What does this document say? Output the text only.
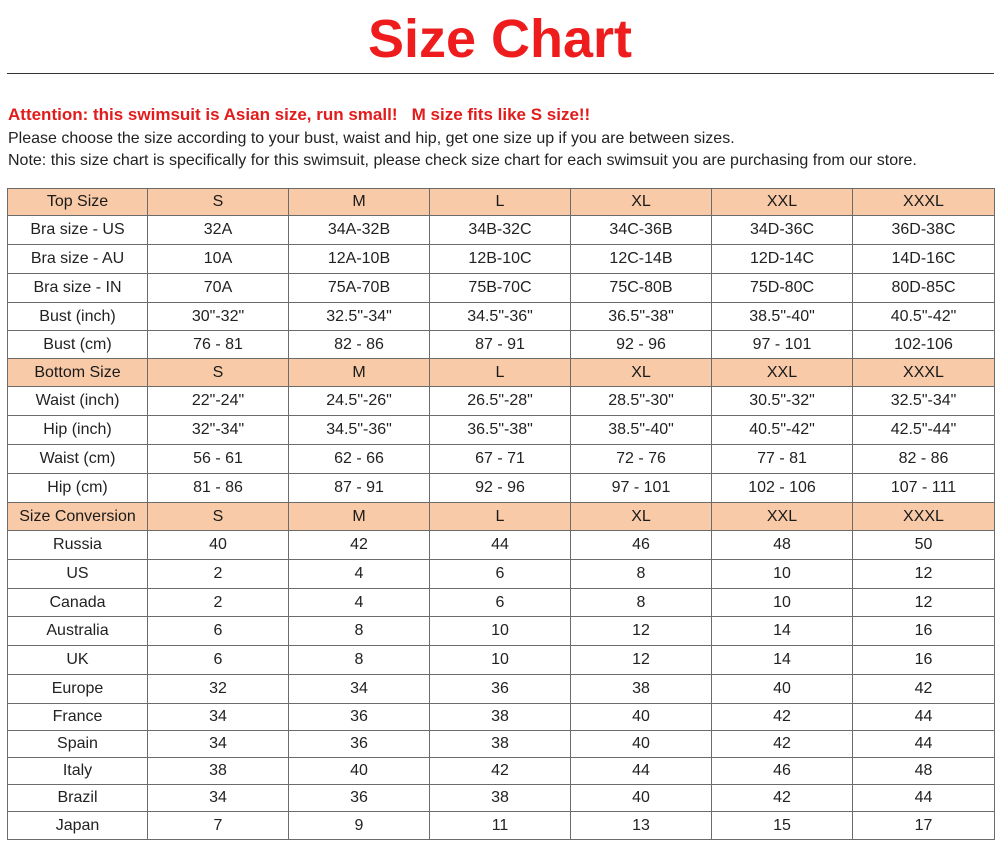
Size Chart
Attention: this swimsuit is Asian size, run small!   M size fits like S size!!
Please choose the size according to your bust, waist and hip, get one size up if you are between sizes.
Note: this size chart is specifically for this swimsuit, please check size chart for each swimsuit you are purchasing from our store.
Top Size	S	M	L	XL	XXL	XXXL
Bra size - US	32A	34A-32B	34B-32C	34C-36B	34D-36C	36D-38C
Bra size - AU	10A	12A-10B	12B-10C	12C-14B	12D-14C	14D-16C
Bra size - IN	70A	75A-70B	75B-70C	75C-80B	75D-80C	80D-85C
Bust (inch)	30"-32"	32.5"-34"	34.5"-36"	36.5"-38"	38.5"-40"	40.5"-42"
Bust (cm)	76 - 81	82 - 86	87 - 91	92 - 96	97 - 101	102-106
Bottom Size	S	M	L	XL	XXL	XXXL
Waist (inch)	22"-24"	24.5"-26"	26.5"-28"	28.5"-30"	30.5"-32"	32.5"-34"
Hip (inch)	32"-34"	34.5"-36"	36.5"-38"	38.5"-40"	40.5"-42"	42.5"-44"
Waist (cm)	56 - 61	62 - 66	67 - 71	72 - 76	77 - 81	82 - 86
Hip (cm)	81 - 86	87 - 91	92 - 96	97 - 101	102 - 106	107 - 111
Size Conversion	S	M	L	XL	XXL	XXXL
Russia	40	42	44	46	48	50
US	2	4	6	8	10	12
Canada	2	4	6	8	10	12
Australia	6	8	10	12	14	16
UK	6	8	10	12	14	16
Europe	32	34	36	38	40	42
France	34	36	38	40	42	44
Spain	34	36	38	40	42	44
Italy	38	40	42	44	46	48
Brazil	34	36	38	40	42	44
Japan	7	9	11	13	15	17
